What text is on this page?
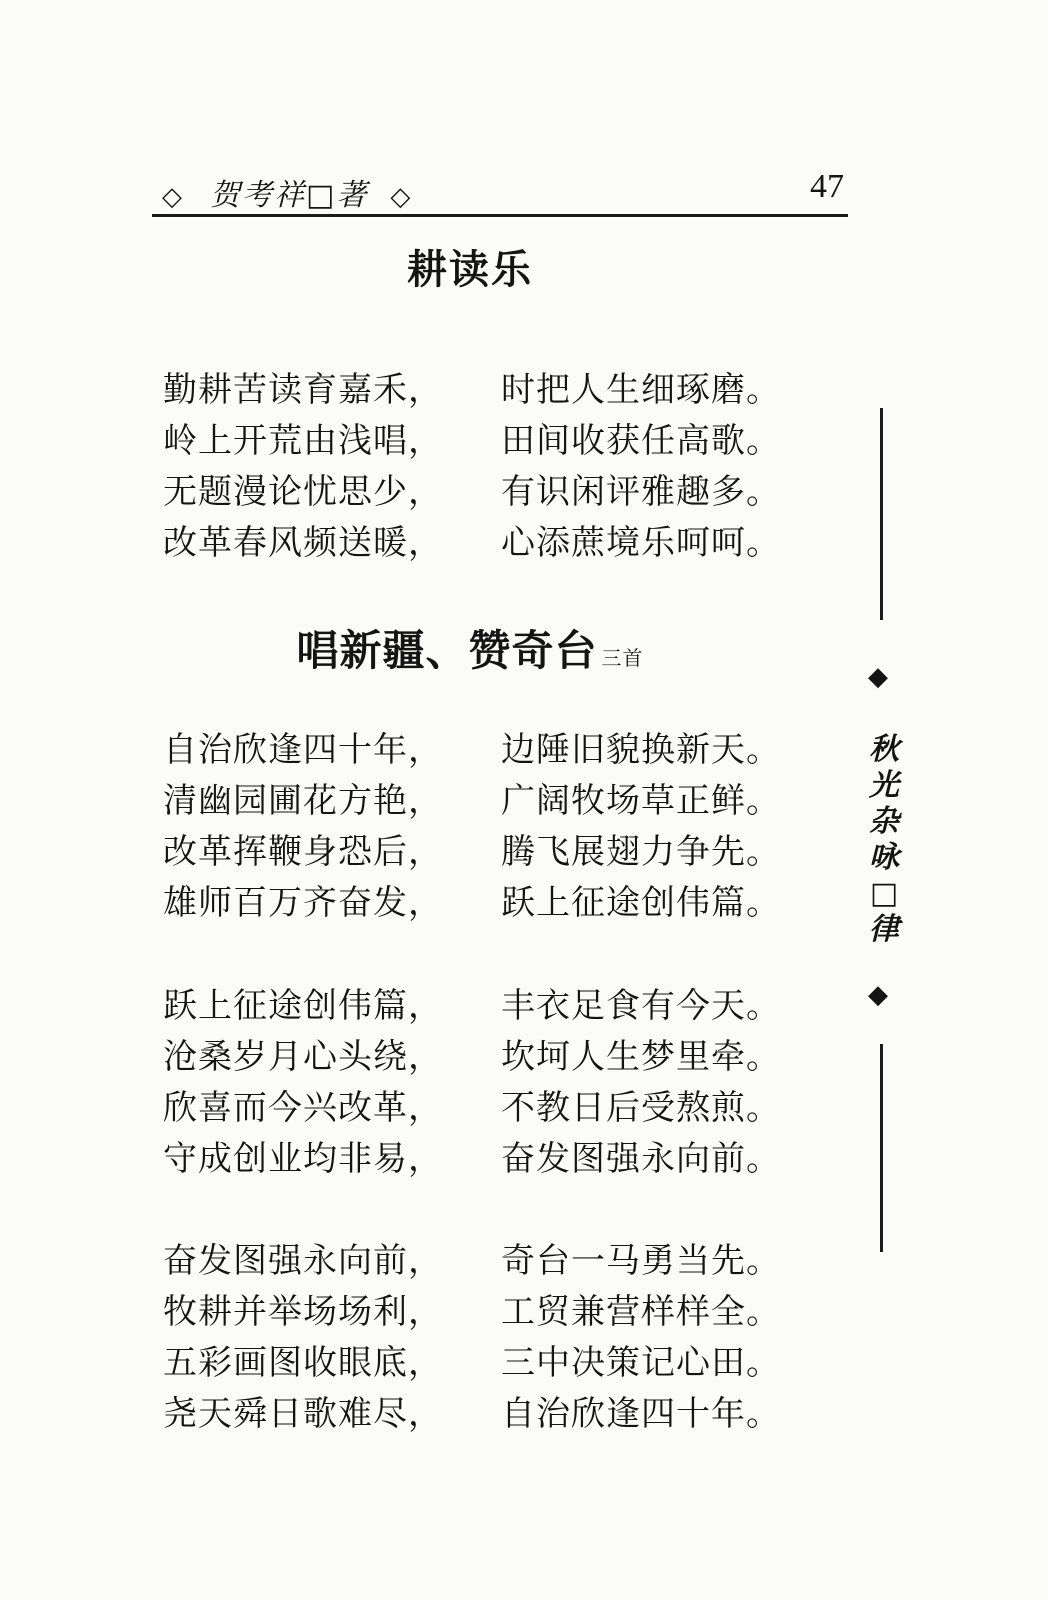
◇ 贺考祥□著 ◇	47
耕读乐
勤耕苦读育嘉禾， 时把人生细琢磨。
岭上开荒由浅唱， 田间收获任高歌。
无题漫论忧思少， 有识闲评雅趣多。
改革春风频送暖， 心添蔗境乐呵呵。
唱新疆、赞奇台 三首
自治欣逢四十年， 边陲旧貌换新天。
清幽园圃花方艳， 广阔牧场草正鲜。
改革挥鞭身恐后， 腾飞展翅力争先。
雄师百万齐奋发， 跃上征途创伟篇。
跃上征途创伟篇， 丰衣足食有今天。
沧桑岁月心头绕， 坎坷人生梦里牵。
欣喜而今兴改革， 不教日后受熬煎。
守成创业均非易， 奋发图强永向前。
奋发图强永向前， 奇台一马勇当先。
牧耕并举场场利， 工贸兼营样样全。
五彩画图收眼底， 三中决策记心田。
尧天舜日歌难尽， 自治欣逢四十年。
◆
秋
光
杂
咏
□
律
◆
